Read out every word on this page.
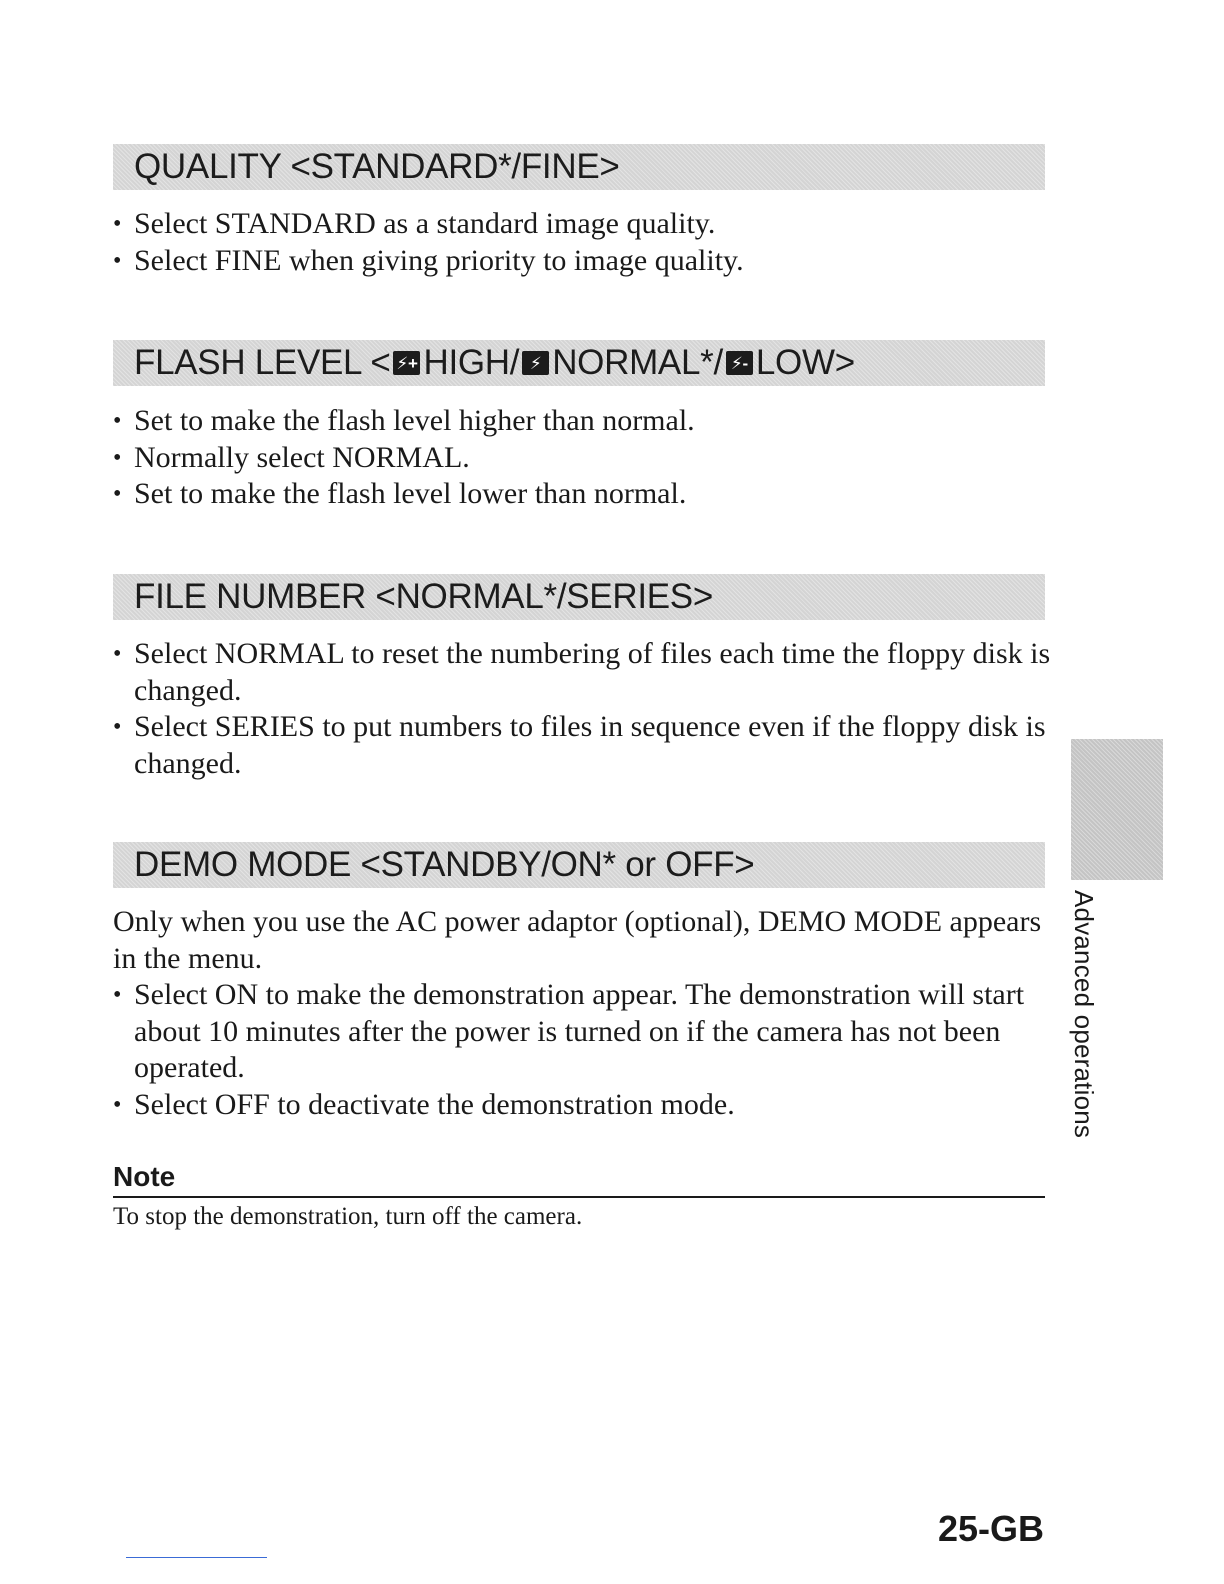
QUALITY <STANDARD*/FINE>
• Select STANDARD as a standard image quality.
• Select FINE when giving priority to image quality.
FLASH LEVEL < ⚡+ HIGH/ ⚡ NORMAL*/ ⚡- LOW>
• Set to make the flash level higher than normal.
• Normally select NORMAL.
• Set to make the flash level lower than normal.
FILE NUMBER <NORMAL*/SERIES>
• Select NORMAL to reset the numbering of files each time the floppy disk is changed.
• Select SERIES to put numbers to files in sequence even if the floppy disk is changed.
DEMO MODE <STANDBY/ON* or OFF>

Only when you use the AC power adaptor (optional), DEMO MODE appears in the menu.

• Select ON to make the demonstration appear. The demonstration will start about 10 minutes after the power is turned on if the camera has not been operated.
• Select OFF to deactivate the demonstration mode.
Note
To stop the demonstration, turn off the camera.
Advanced operations
25-GB
